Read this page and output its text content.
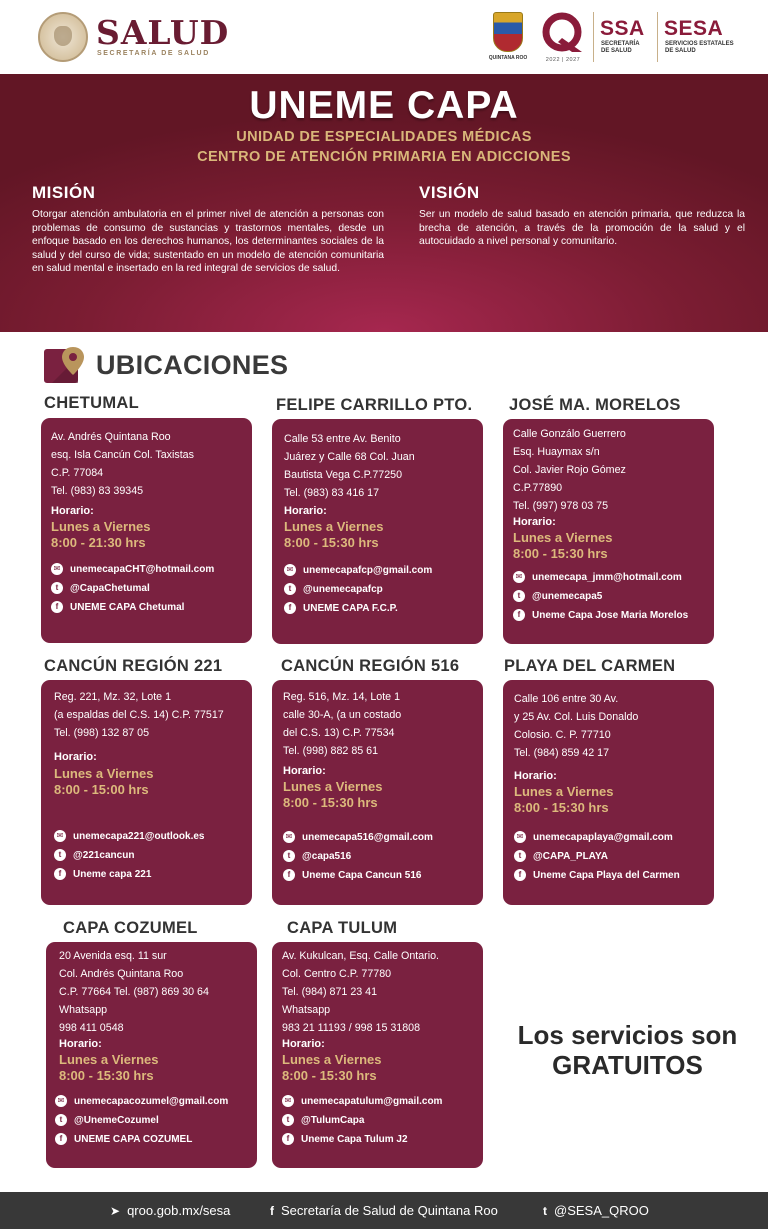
SALUD
SECRETARÍA DE SALUD
QUINTANA ROO	2022 | 2027
SSA
SECRETARÍA
DE SALUD
SESA
SERVICIOS ESTATALES
DE SALUD
UNEME CAPA
UNIDAD DE ESPECIALIDADES MÉDICAS
CENTRO DE ATENCIÓN PRIMARIA EN ADICCIONES
MISIÓN
Otorgar atención ambulatoria en el primer nivel de atención a personas con problemas de consumo de sustancias y trastornos mentales, desde un enfoque basado en los derechos humanos, los determinantes sociales de la salud y del curso de vida; sustentado en un modelo de atención comunitaria en salud mental e insertado en la red integral de servicios de salud.
VISIÓN
Ser un modelo de salud basado en atención primaria, que reduzca la brecha de atención, a través de la promoción de la salud y el autocuidado a nivel personal y comunitario.
UBICACIONES
CHETUMAL
Av. Andrés Quintana Roo
esq. Isla Cancún Col. Taxistas
C.P. 77084
Tel. (983) 83 39345
Horario:
Lunes a Viernes
8:00 - 21:30 hrs
✉ unemecapaCHT@hotmail.com
t	@CapaChetumal
f	UNEME CAPA Chetumal
FELIPE CARRILLO PTO.
Calle 53 entre Av. Benito
Juárez y Calle 68 Col. Juan
Bautista Vega C.P.77250
Tel. (983) 83 416 17
Horario:
Lunes a Viernes
8:00 - 15:30 hrs
✉ unemecapafcp@gmail.com
t	@unemecapafcp
f	UNEME CAPA F.C.P.
JOSÉ MA. MORELOS
Calle Gonzálo Guerrero
Esq. Huaymax s/n
Col. Javier Rojo Gómez
C.P.77890
Tel. (997) 978 03 75
Horario:
Lunes a Viernes
8:00 - 15:30 hrs
✉ unemecapa_jmm@hotmail.com
t	@unemecapa5
f	Uneme Capa Jose Maria Morelos
CANCÚN REGIÓN 221
Reg. 221, Mz. 32, Lote 1
(a espaldas del C.S. 14) C.P. 77517
Tel. (998) 132 87 05
Horario:
Lunes a Viernes
8:00 - 15:00 hrs
✉ unemecapa221@outlook.es
t	@221cancun
f	Uneme capa 221
CANCÚN REGIÓN 516
Reg. 516, Mz. 14, Lote 1
calle 30-A, (a un costado
del C.S. 13) C.P. 77534
Tel. (998) 882 85 61
Horario:
Lunes a Viernes
8:00 - 15:30 hrs
✉ unemecapa516@gmail.com
t	@capa516
f	Uneme Capa Cancun 516
PLAYA DEL CARMEN
Calle 106 entre 30 Av.
y 25 Av. Col. Luis Donaldo
Colosio. C. P. 77710
Tel. (984) 859 42 17
Horario:
Lunes a Viernes
8:00 - 15:30 hrs
✉ unemecapaplaya@gmail.com
t	@CAPA_PLAYA
f	Uneme Capa Playa del Carmen
CAPA COZUMEL
20 Avenida esq. 11 sur
Col. Andrés Quintana Roo
C.P. 77664 Tel. (987) 869 30 64
Whatsapp
998 411 0548
Horario:
Lunes a Viernes
8:00 - 15:30 hrs
✉ unemecapacozumel@gmail.com
t	@UnemeCozumel
f	UNEME CAPA COZUMEL
CAPA TULUM
Av. Kukulcan, Esq. Calle Ontario.
Col. Centro C.P. 77780
Tel. (984) 871 23 41
Whatsapp
983 21 11193 / 998 15 31808
Horario:
Lunes a Viernes
8:00 - 15:30 hrs
✉ unemecapatulum@gmail.com
t	@TulumCapa
f	Uneme Capa Tulum J2
Los servicios son
GRATUITOS
➤ qroo.gob.mx/sesa	f Secretaría de Salud de Quintana Roo	t @SESA_QROO
